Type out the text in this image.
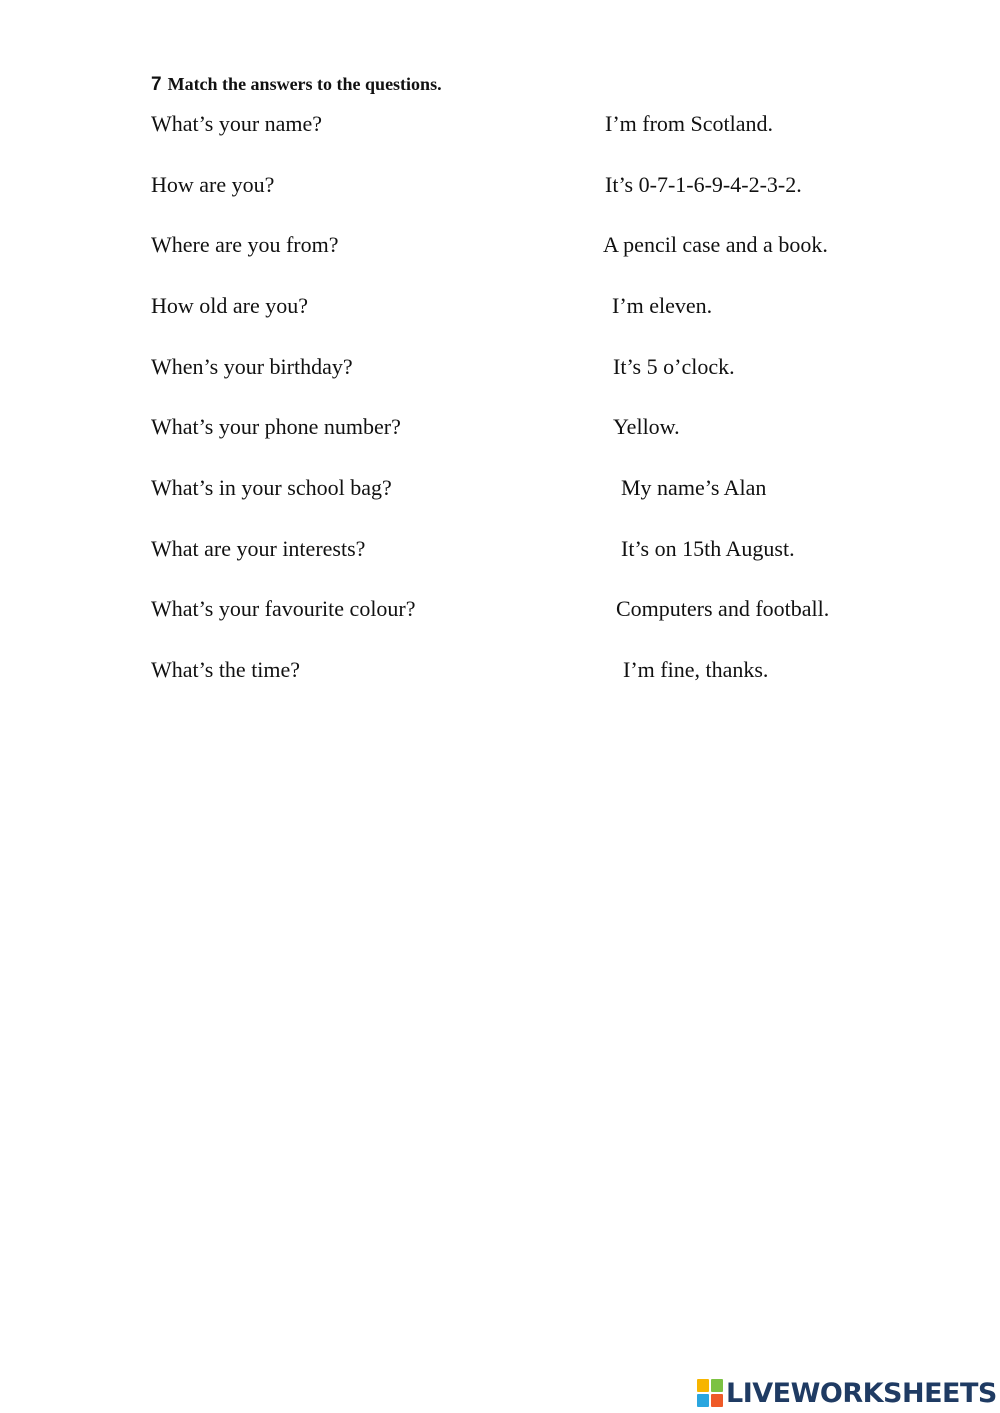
7 Match the answers to the questions.
What’s your name?
How are you?
Where are you from?
How old are you?
When’s your birthday?
What’s your phone number?
What’s in your school bag?
What are your interests?
What’s your favourite colour?
What’s the time?
I’m from Scotland.
It’s 0-7-1-6-9-4-2-3-2.
A pencil case and a book.
I’m eleven.
It’s 5 o’clock.
Yellow.
My name’s Alan
It’s on 15th August.
Computers and football.
I’m fine, thanks.
LIVEWORKSHEETS
